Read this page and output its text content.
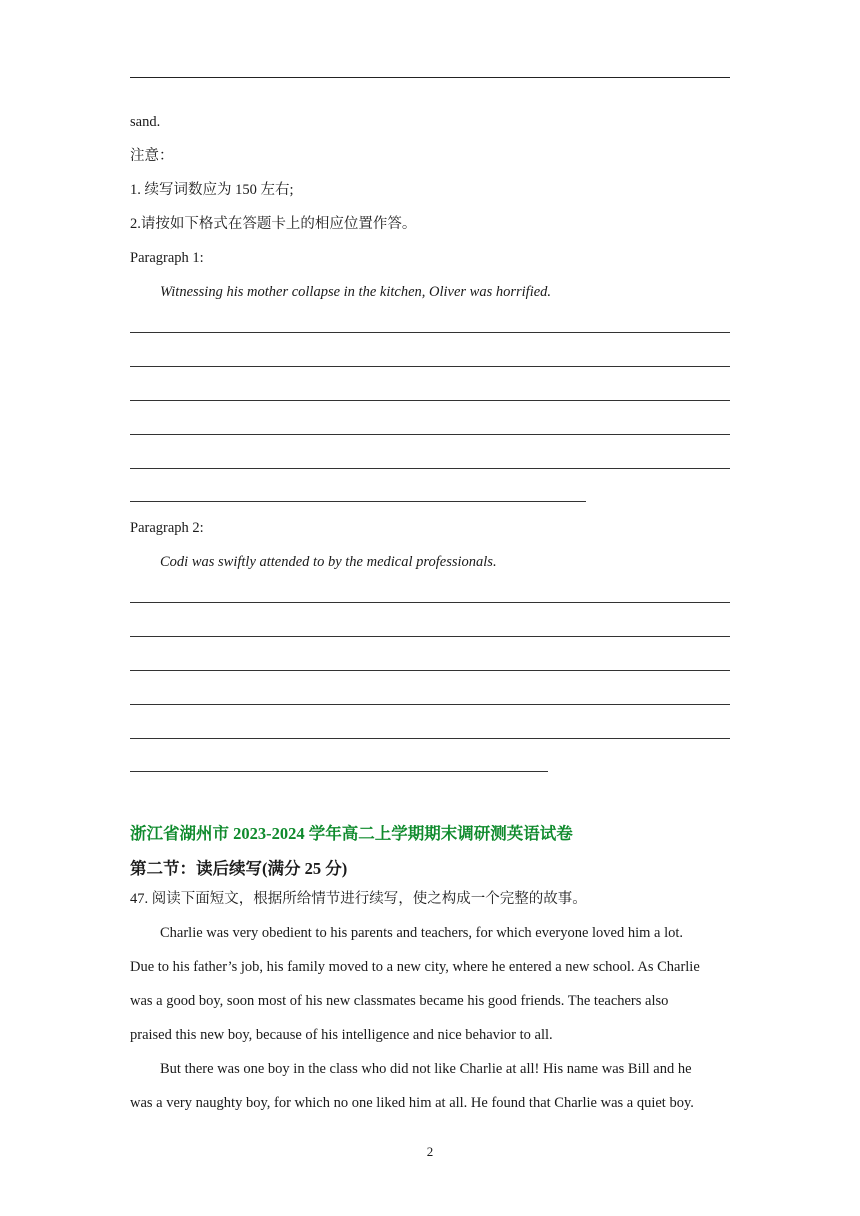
sand.
注意：
1. 续写词数应为 150 左右;
2.请按如下格式在答题卡上的相应位置作答。
Paragraph 1:
Witnessing his mother collapse in the kitchen, Oliver was horrified.
Paragraph 2:
Codi was swiftly attended to by the medical professionals.
浙江省湖州市 2023-2024 学年高二上学期期末调研测英语试卷
第二节：读后续写(满分 25 分)
47. 阅读下面短文，根据所给情节进行续写，使之构成一个完整的故事。
Charlie was very obedient to his parents and teachers, for which everyone loved him a lot.
Due to his father’s job, his family moved to a new city, where he entered a new school. As Charlie
was a good boy, soon most of his new classmates became his good friends. The teachers also
praised this new boy, because of his intelligence and nice behavior to all.
But there was one boy in the class who did not like Charlie at all! His name was Bill and he
was a very naughty boy, for which no one liked him at all. He found that Charlie was a quiet boy.
2
